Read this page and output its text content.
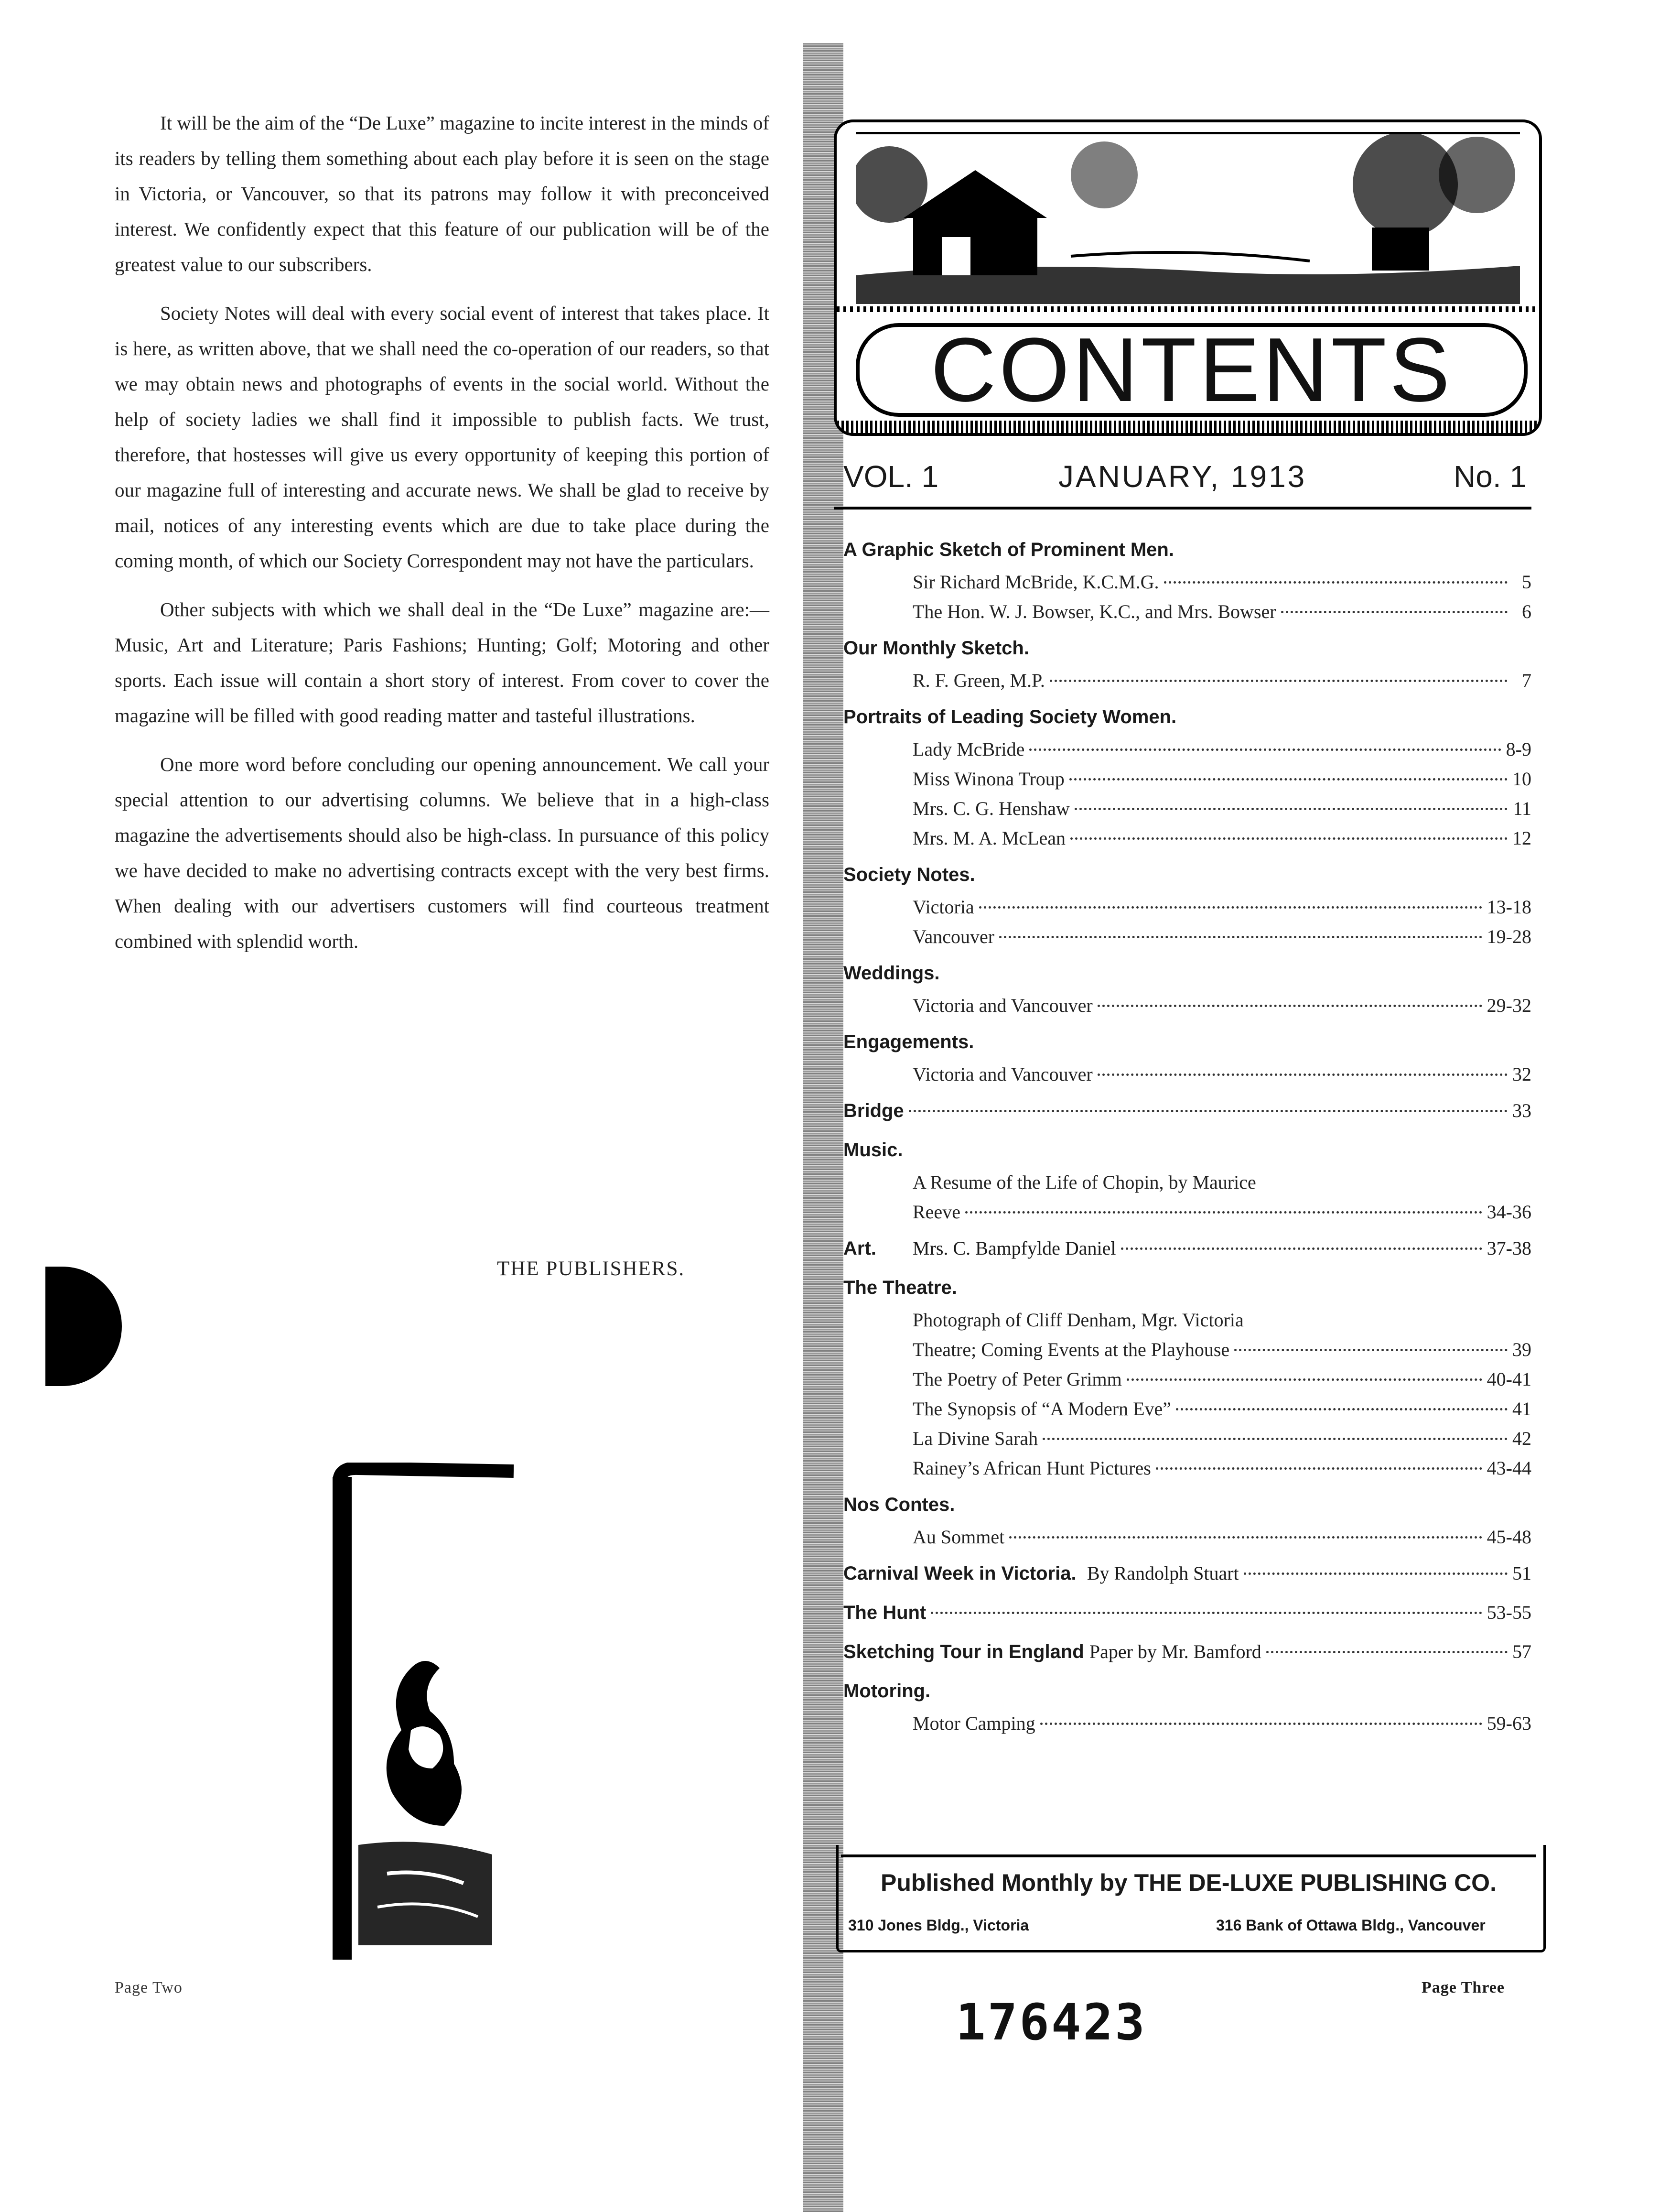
It will be the aim of the “De Luxe” magazine to incite interest in the minds of its readers by telling them something about each play before it is seen on the stage in Victoria, or Vancouver, so that its patrons may follow it with preconceived interest. We confidently expect that this feature of our publication will be of the greatest value to our subscribers.

Society Notes will deal with every social event of interest that takes place. It is here, as written above, that we shall need the co-operation of our readers, so that we may obtain news and photographs of events in the social world. Without the help of society ladies we shall find it impossible to publish facts. We trust, therefore, that hostesses will give us every opportunity of keeping this portion of our magazine full of interesting and accurate news. We shall be glad to receive by mail, notices of any interesting events which are due to take place during the coming month, of which our Society Correspondent may not have the particulars.

Other subjects with which we shall deal in the “De Luxe” magazine are:—Music, Art and Literature; Paris Fashions; Hunting; Golf; Motoring and other sports. Each issue will contain a short story of interest. From cover to cover the magazine will be filled with good reading matter and tasteful illustrations.

One more word before concluding our opening announcement. We call your special attention to our advertising columns. We believe that in a high-class magazine the advertisements should also be high-class. In pursuance of this policy we have decided to make no advertising contracts except with the very best firms. When dealing with our advertisers customers will find courteous treatment combined with splendid worth.

THE PUBLISHERS.
Page Two
CONTENTS
VOL. 1	JANUARY, 1913	No. 1
A Graphic Sketch of Prominent Men.
Sir Richard McBride, K.C.M.G.	5
The Hon. W. J. Bowser, K.C., and Mrs. Bowser	6
Our Monthly Sketch.
R. F. Green, M.P.	7
Portraits of Leading Society Women.
Lady McBride	8-9
Miss Winona Troup	10
Mrs. C. G. Henshaw	11
Mrs. M. A. McLean	12
Society Notes.
Victoria	13-18
Vancouver	19-28
Weddings.
Victoria and Vancouver	29-32
Engagements.
Victoria and Vancouver	32
Bridge	33
Music.
A Resume of the Life of Chopin, by Maurice
Reeve	34-36
Art.	Mrs. C. Bampfylde Daniel	37-38
The Theatre.
Photograph of Cliff Denham, Mgr. Victoria
Theatre; Coming Events at the Playhouse	39
The Poetry of Peter Grimm	40-41
The Synopsis of “A Modern Eve”	41
La Divine Sarah	42
Rainey’s African Hunt Pictures	43-44
Nos Contes.
Au Sommet	45-48
Carnival Week in Victoria.
By Randolph Stuart	51
The Hunt	53-55
Sketching Tour in England
Paper by Mr. Bamford	57
Motoring.
Motor Camping	59-63
Published Monthly by THE DE-LUXE PUBLISHING CO.
310 Jones Bldg., Victoria	316 Bank of Ottawa Bldg., Vancouver
176423
Page Three
